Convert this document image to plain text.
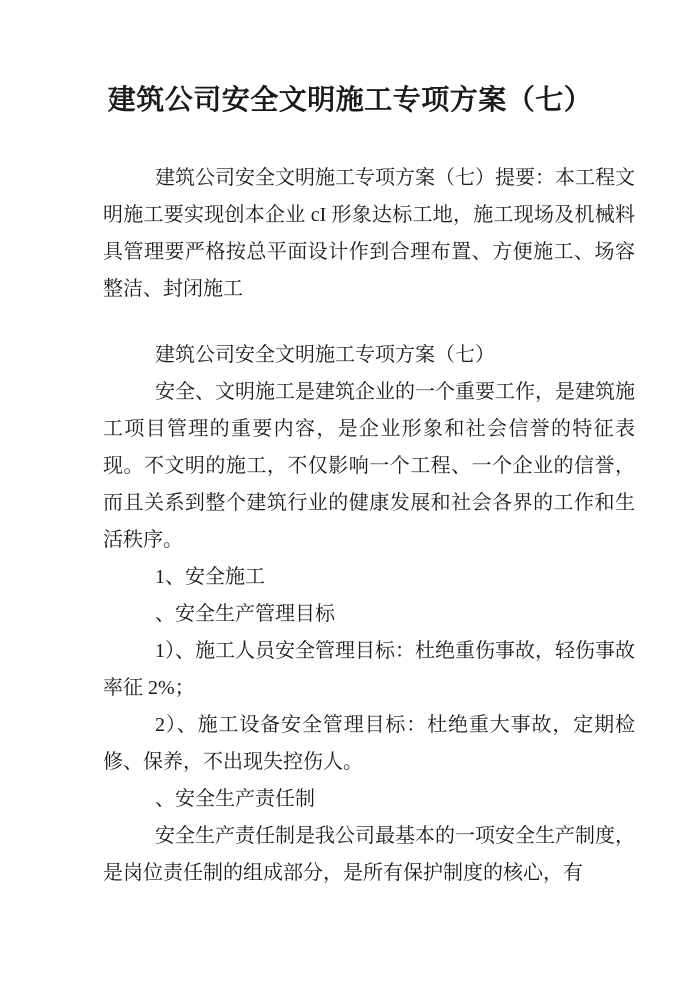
建筑公司安全文明施工专项方案（七）

建筑公司安全文明施工专项方案（七）提要：本工程文明施工要实现创本企业 cI 形象达标工地，施工现场及机械料具管理要严格按总平面设计作到合理布置、方便施工、场容整洁、封闭施工

建筑公司安全文明施工专项方案（七）

安全、文明施工是建筑企业的一个重要工作，是建筑施工项目管理的重要内容，是企业形象和社会信誉的特征表现。不文明的施工，不仅影响一个工程、一个企业的信誉，而且关系到整个建筑行业的健康发展和社会各界的工作和生活秩序。

1、安全施工

、安全生产管理目标

1）、施工人员安全管理目标：杜绝重伤事故，轻伤事故率征 2%；

2）、施工设备安全管理目标：杜绝重大事故，定期检修、保养，不出现失控伤人。

、安全生产责任制

安全生产责任制是我公司最基本的一项安全生产制度，是岗位责任制的组成部分，是所有保护制度的核心，有
